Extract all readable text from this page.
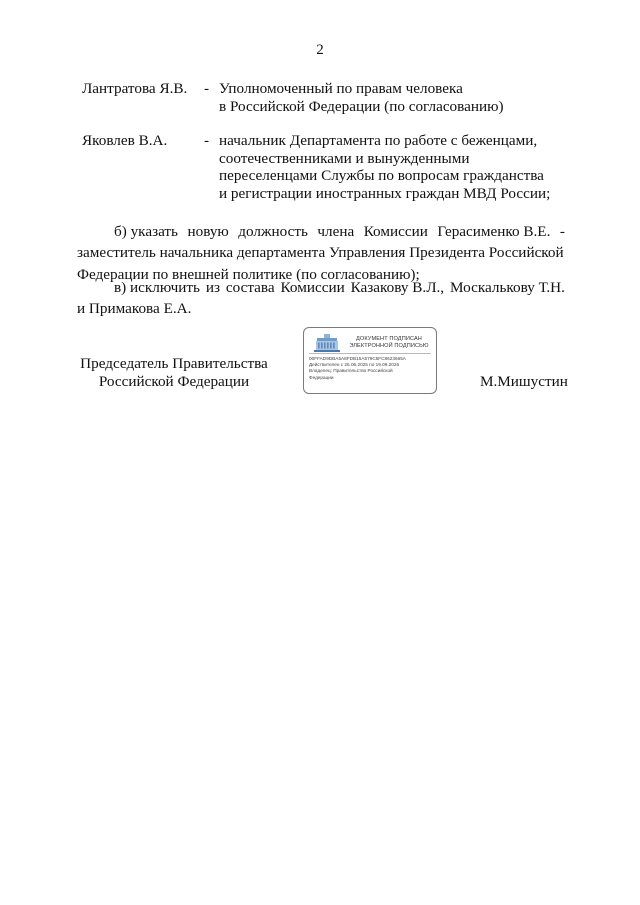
2
Лантратова Я.В. - Уполномоченный по правам человека
в Российской Федерации (по согласованию)
Яковлев В.А. - начальник Департамента по работе с беженцами,
соотечественниками и вынужденными
переселенцами Службы по вопросам гражданства
и регистрации иностранных граждан МВД России;
б) указать новую должность члена Комиссии Герасименко В.Е. -
заместитель начальника департамента Управления Президента Российской
Федерации по внешней политике (по согласованию);
в) исключить из состава Комиссии Казакову В.Л., Москалькову Т.Н.
и Примакова Е.А.
Председатель Правительства
Российской Федерации
ДОКУМЕНТ ПОДПИСАН
ЭЛЕКТРОННОЙ ПОДПИСЬЮ
00FFAD9DBA5A8FDB15A579C5FC8623665A
Действителен с 26.06.2025 по 19.09.2026
Владелец: Правительство Российской
Федерации	М.Мишустин
